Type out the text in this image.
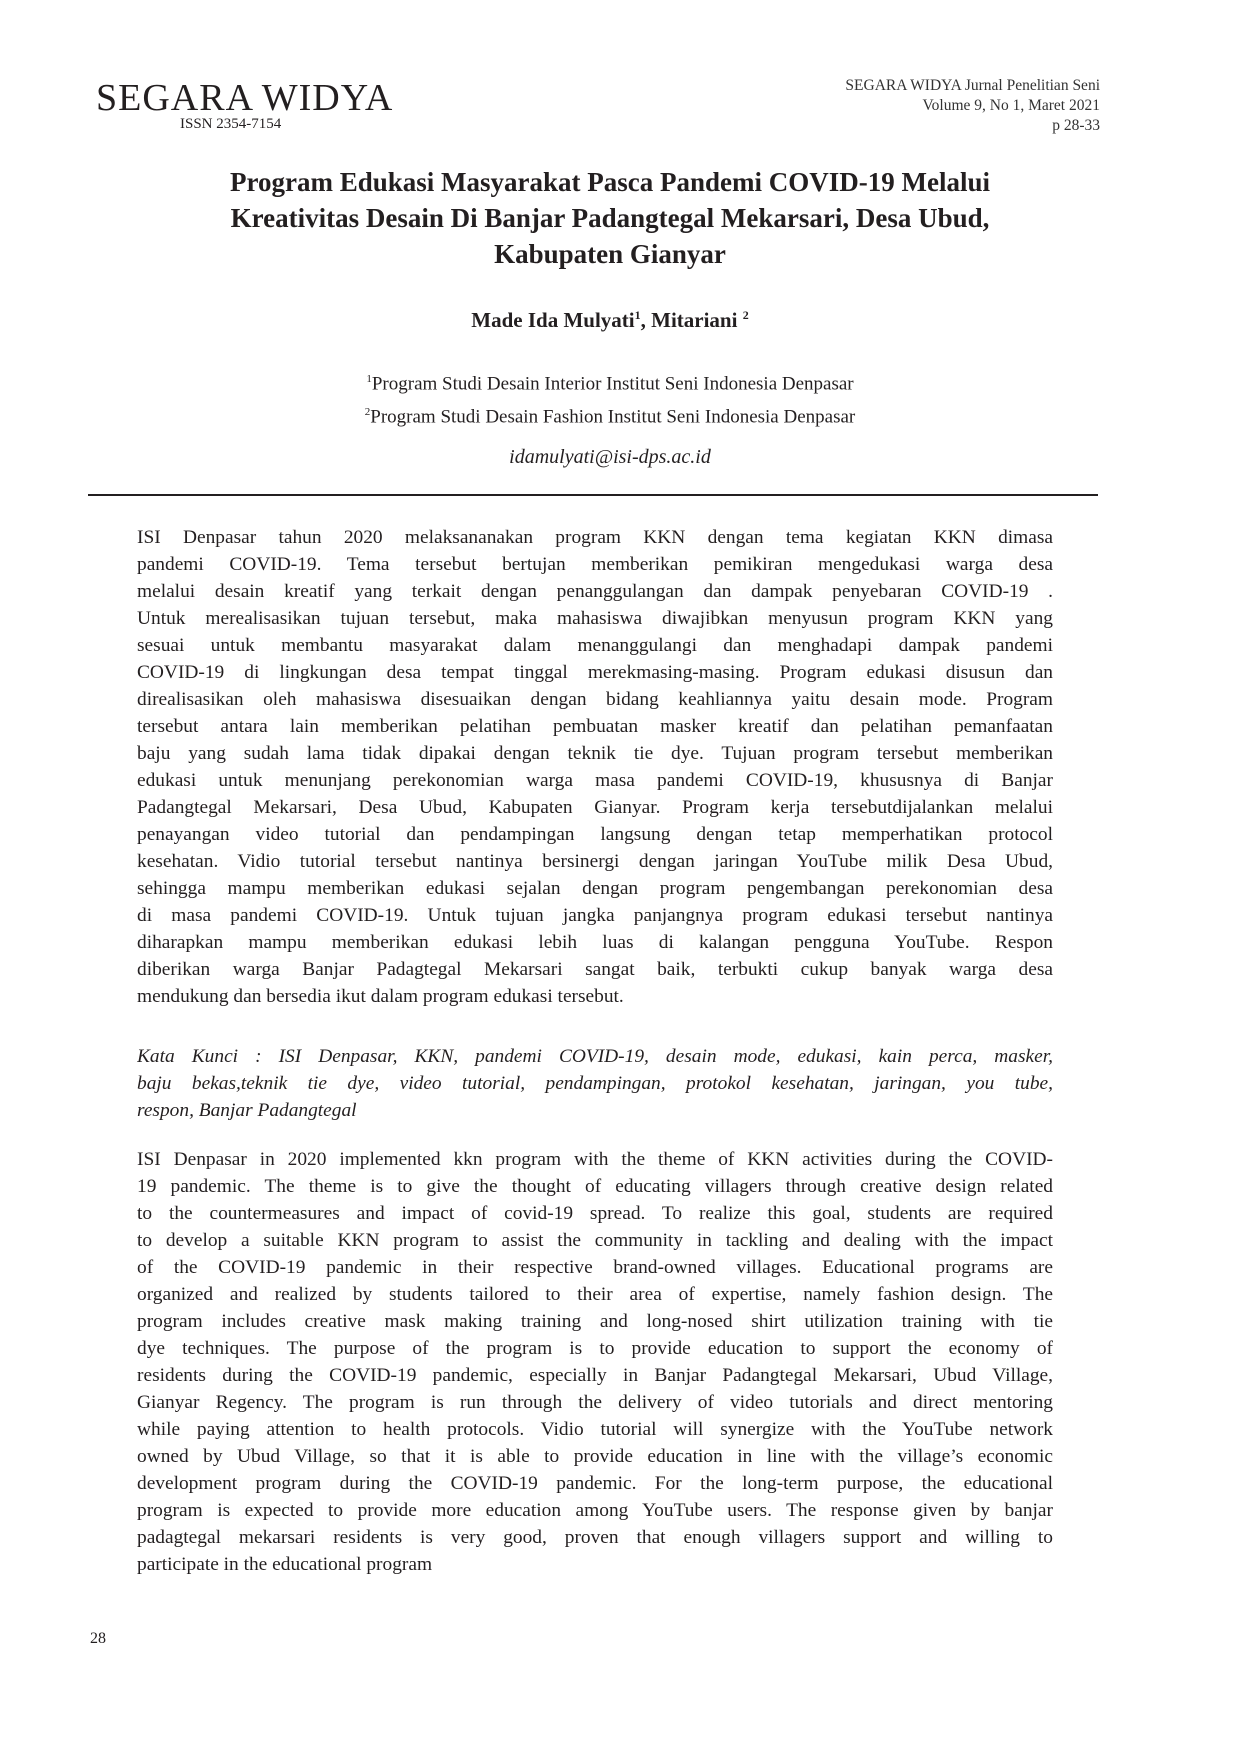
SEGARA WIDYA
ISSN 2354-7154
SEGARA WIDYA Jurnal Penelitian Seni
Volume 9, No 1, Maret 2021
p 28-33
Program Edukasi Masyarakat Pasca Pandemi COVID-19 Melalui
Kreativitas Desain Di Banjar Padangtegal Mekarsari, Desa Ubud,
Kabupaten Gianyar
Made Ida Mulyati$^1$, Mitariani $^2$
$^1$Program Studi Desain Interior Institut Seni Indonesia Denpasar
$^2$Program Studi Desain Fashion Institut Seni Indonesia Denpasar
idamulyati@isi-dps.ac.id
ISI Denpasar tahun 2020 melaksananakan program KKN dengan tema kegiatan KKN dimasa
pandemi COVID-19. Tema tersebut bertujan memberikan pemikiran mengedukasi warga desa
melalui desain kreatif yang terkait dengan penanggulangan dan dampak penyebaran COVID-19 .
Untuk merealisasikan tujuan tersebut, maka mahasiswa diwajibkan menyusun program KKN yang
sesuai untuk membantu masyarakat dalam menanggulangi dan menghadapi dampak pandemi
COVID-19 di lingkungan desa tempat tinggal merekmasing-masing. Program edukasi disusun dan
direalisasikan oleh mahasiswa disesuaikan dengan bidang keahliannya yaitu desain mode. Program
tersebut antara lain memberikan pelatihan pembuatan masker kreatif dan pelatihan pemanfaatan
baju yang sudah lama tidak dipakai dengan teknik tie dye. Tujuan program tersebut memberikan
edukasi untuk menunjang perekonomian warga masa pandemi COVID-19, khususnya di Banjar
Padangtegal Mekarsari, Desa Ubud, Kabupaten Gianyar. Program kerja tersebutdijalankan melalui
penayangan video tutorial dan pendampingan langsung dengan tetap memperhatikan protocol
kesehatan. Vidio tutorial tersebut nantinya bersinergi dengan jaringan YouTube milik Desa Ubud,
sehingga mampu memberikan edukasi sejalan dengan program pengembangan perekonomian desa
di masa pandemi COVID-19. Untuk tujuan jangka panjangnya program edukasi tersebut nantinya
diharapkan mampu memberikan edukasi lebih luas di kalangan pengguna YouTube. Respon
diberikan warga Banjar Padagtegal Mekarsari sangat baik, terbukti cukup banyak warga desa
mendukung dan bersedia ikut dalam program edukasi tersebut.
Kata Kunci : ISI Denpasar, KKN, pandemi COVID-19, desain mode, edukasi, kain perca, masker,
baju bekas,teknik tie dye, video tutorial, pendampingan, protokol kesehatan, jaringan, you tube,
respon, Banjar Padangtegal
ISI Denpasar in 2020 implemented kkn program with the theme of KKN activities during the COVID-
19 pandemic. The theme is to give the thought of educating villagers through creative design related
to the countermeasures and impact of covid-19 spread. To realize this goal, students are required
to develop a suitable KKN program to assist the community in tackling and dealing with the impact
of the COVID-19 pandemic in their respective brand-owned villages. Educational programs are
organized and realized by students tailored to their area of expertise, namely fashion design. The
program includes creative mask making training and long-nosed shirt utilization training with tie
dye techniques. The purpose of the program is to provide education to support the economy of
residents during the COVID-19 pandemic, especially in Banjar Padangtegal Mekarsari, Ubud Village,
Gianyar Regency. The program is run through the delivery of video tutorials and direct mentoring
while paying attention to health protocols. Vidio tutorial will synergize with the YouTube network
owned by Ubud Village, so that it is able to provide education in line with the village’s economic
development program during the COVID-19 pandemic. For the long-term purpose, the educational
program is expected to provide more education among YouTube users. The response given by banjar
padagtegal mekarsari residents is very good, proven that enough villagers support and willing to
participate in the educational program
28
